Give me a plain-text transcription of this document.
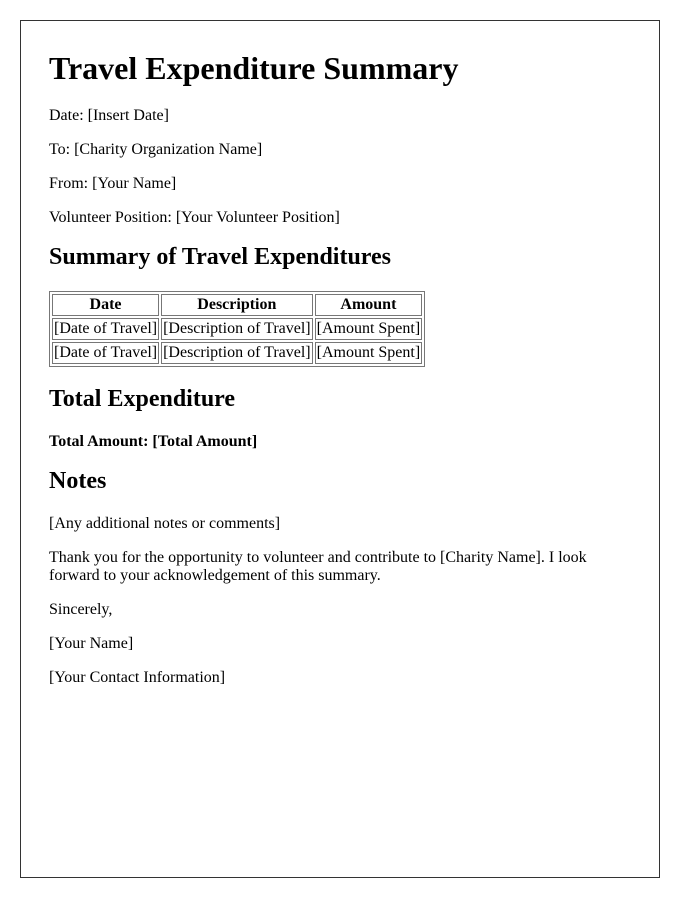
Travel Expenditure Summary

Date: [Insert Date]

To: [Charity Organization Name]

From: [Your Name]

Volunteer Position: [Your Volunteer Position]

Summary of Travel Expenditures
Date	Description	Amount
[Date of Travel]	[Description of Travel]	[Amount Spent]
[Date of Travel]	[Description of Travel]	[Amount Spent]
Total Expenditure

Total Amount: [Total Amount]

Notes

[Any additional notes or comments]

Thank you for the opportunity to volunteer and contribute to [Charity Name]. I look forward to your acknowledgement of this summary.

Sincerely,

[Your Name]

[Your Contact Information]
